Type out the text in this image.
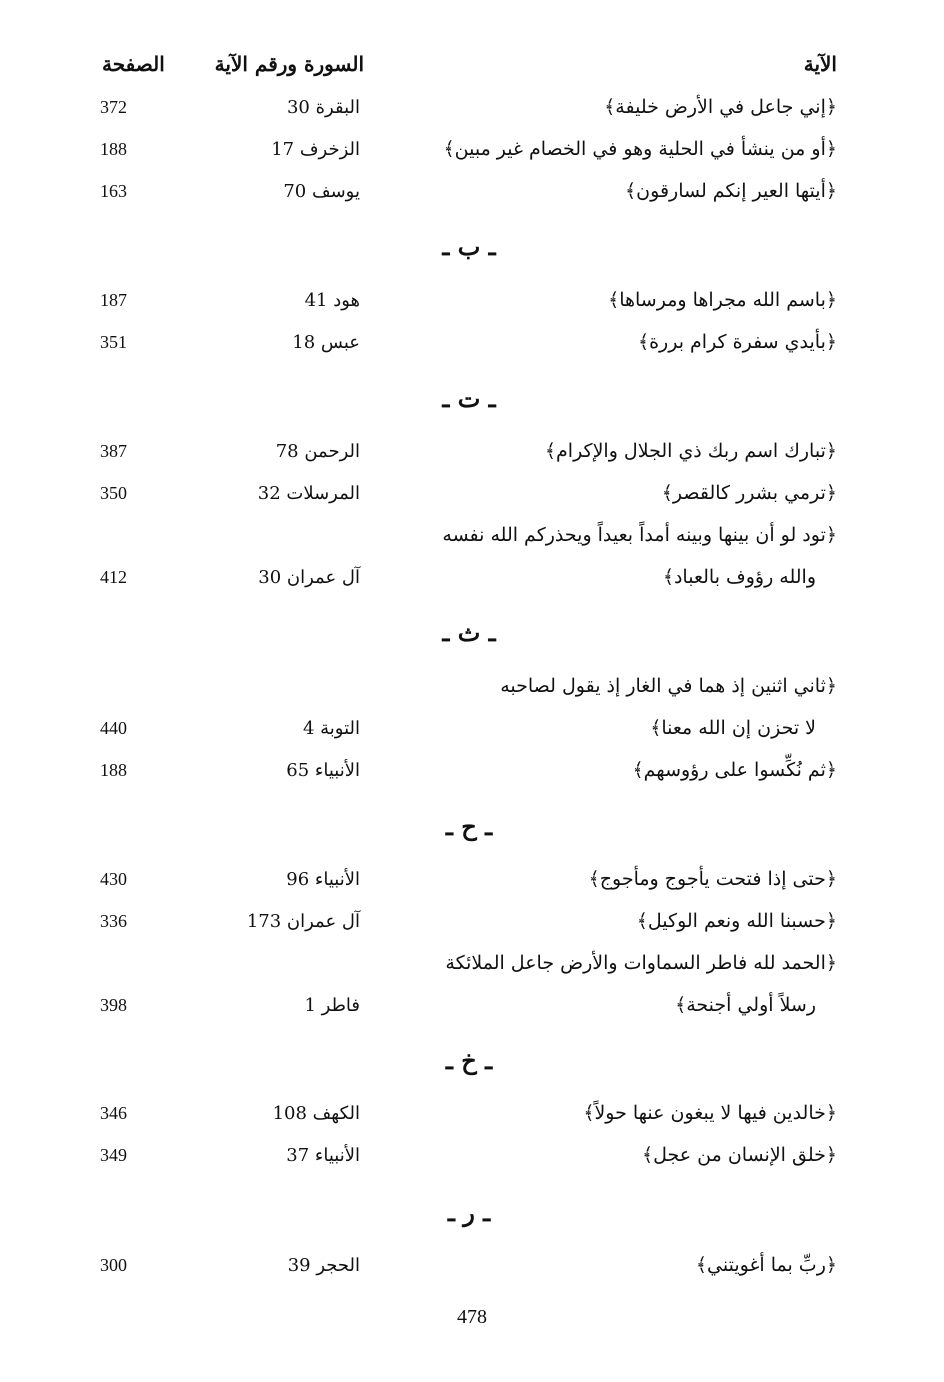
الآية
السورة ورقم الآية
الصفحة
﴿إني جاعل في الأرض خليفة﴾
البقرة 30
372
﴿أو من ينشأ في الحلية وهو في الخصام غير مبين﴾
الزخرف 17
188
﴿أيتها العير إنكم لسارقون﴾
يوسف 70
163
ـ ب ـ
﴿باسم الله مجراها ومرساها﴾
هود 41
187
﴿بأيدي سفرة كرام بررة﴾
عبس 18
351
ـ ت ـ
﴿تبارك اسم ربك ذي الجلال والإكرام﴾
الرحمن 78
387
﴿ترمي بشرر كالقصر﴾
المرسلات 32
350
﴿تود لو أن بينها وبينه أمداً بعيداً ويحذركم الله نفسه
والله رؤوف بالعباد﴾
آل عمران 30
412
ـ ث ـ
﴿ثاني اثنين إذ هما في الغار إذ يقول لصاحبه
لا تحزن إن الله معنا﴾
التوبة 4
440
﴿ثم نُكِّسوا على رؤوسهم﴾
الأنبياء 65
188
ـ ح ـ
﴿حتى إذا فتحت يأجوج ومأجوج﴾
الأنبياء 96
430
﴿حسبنا الله ونعم الوكيل﴾
آل عمران 173
336
﴿الحمد لله فاطر السماوات والأرض جاعل الملائكة
رسلاً أولي أجنحة﴾
فاطر 1
398
ـ خ ـ
﴿خالدين فيها لا يبغون عنها حولاً﴾
الكهف 108
346
﴿خلق الإنسان من عجل﴾
الأنبياء 37
349
ـ ر ـ
﴿ربِّ بما أغويتني﴾
الحجر 39
300
478
